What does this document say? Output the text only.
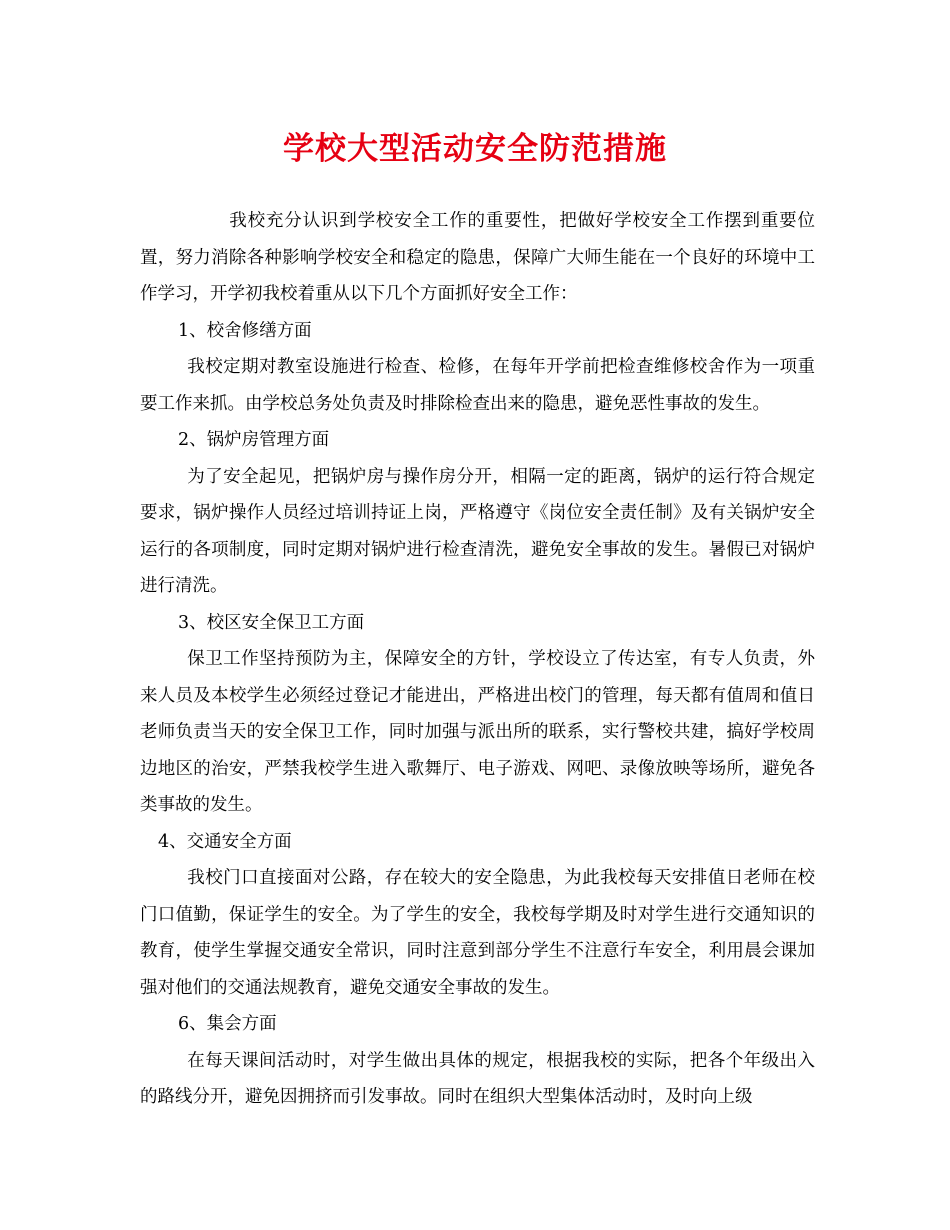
学校大型活动安全防范措施

我校充分认识到学校安全工作的重要性，把做好学校安全工作摆到重要位置，努力消除各种影响学校安全和稳定的隐患，保障广大师生能在一个良好的环境中工作学习，开学初我校着重从以下几个方面抓好安全工作：

1、校舍修缮方面

我校定期对教室设施进行检查、检修，在每年开学前把检查维修校舍作为一项重要工作来抓。由学校总务处负责及时排除检查出来的隐患，避免恶性事故的发生。

2、锅炉房管理方面

为了安全起见，把锅炉房与操作房分开，相隔一定的距离，锅炉的运行符合规定要求，锅炉操作人员经过培训持证上岗，严格遵守《岗位安全责任制》及有关锅炉安全运行的各项制度，同时定期对锅炉进行检查清洗，避免安全事故的发生。暑假已对锅炉进行清洗。

3、校区安全保卫工方面

保卫工作坚持预防为主，保障安全的方针，学校设立了传达室，有专人负责，外来人员及本校学生必须经过登记才能进出，严格进出校门的管理，每天都有值周和值日老师负责当天的安全保卫工作，同时加强与派出所的联系，实行警校共建，搞好学校周边地区的治安，严禁我校学生进入歌舞厅、电子游戏、网吧、录像放映等场所，避免各类事故的发生。

4、交通安全方面

我校门口直接面对公路，存在较大的安全隐患，为此我校每天安排值日老师在校门口值勤，保证学生的安全。为了学生的安全，我校每学期及时对学生进行交通知识的教育，使学生掌握交通安全常识，同时注意到部分学生不注意行车安全，利用晨会课加强对他们的交通法规教育，避免交通安全事故的发生。

6、集会方面

在每天课间活动时，对学生做出具体的规定，根据我校的实际，把各个年级出入的路线分开，避免因拥挤而引发事故。同时在组织大型集体活动时，及时向上级
